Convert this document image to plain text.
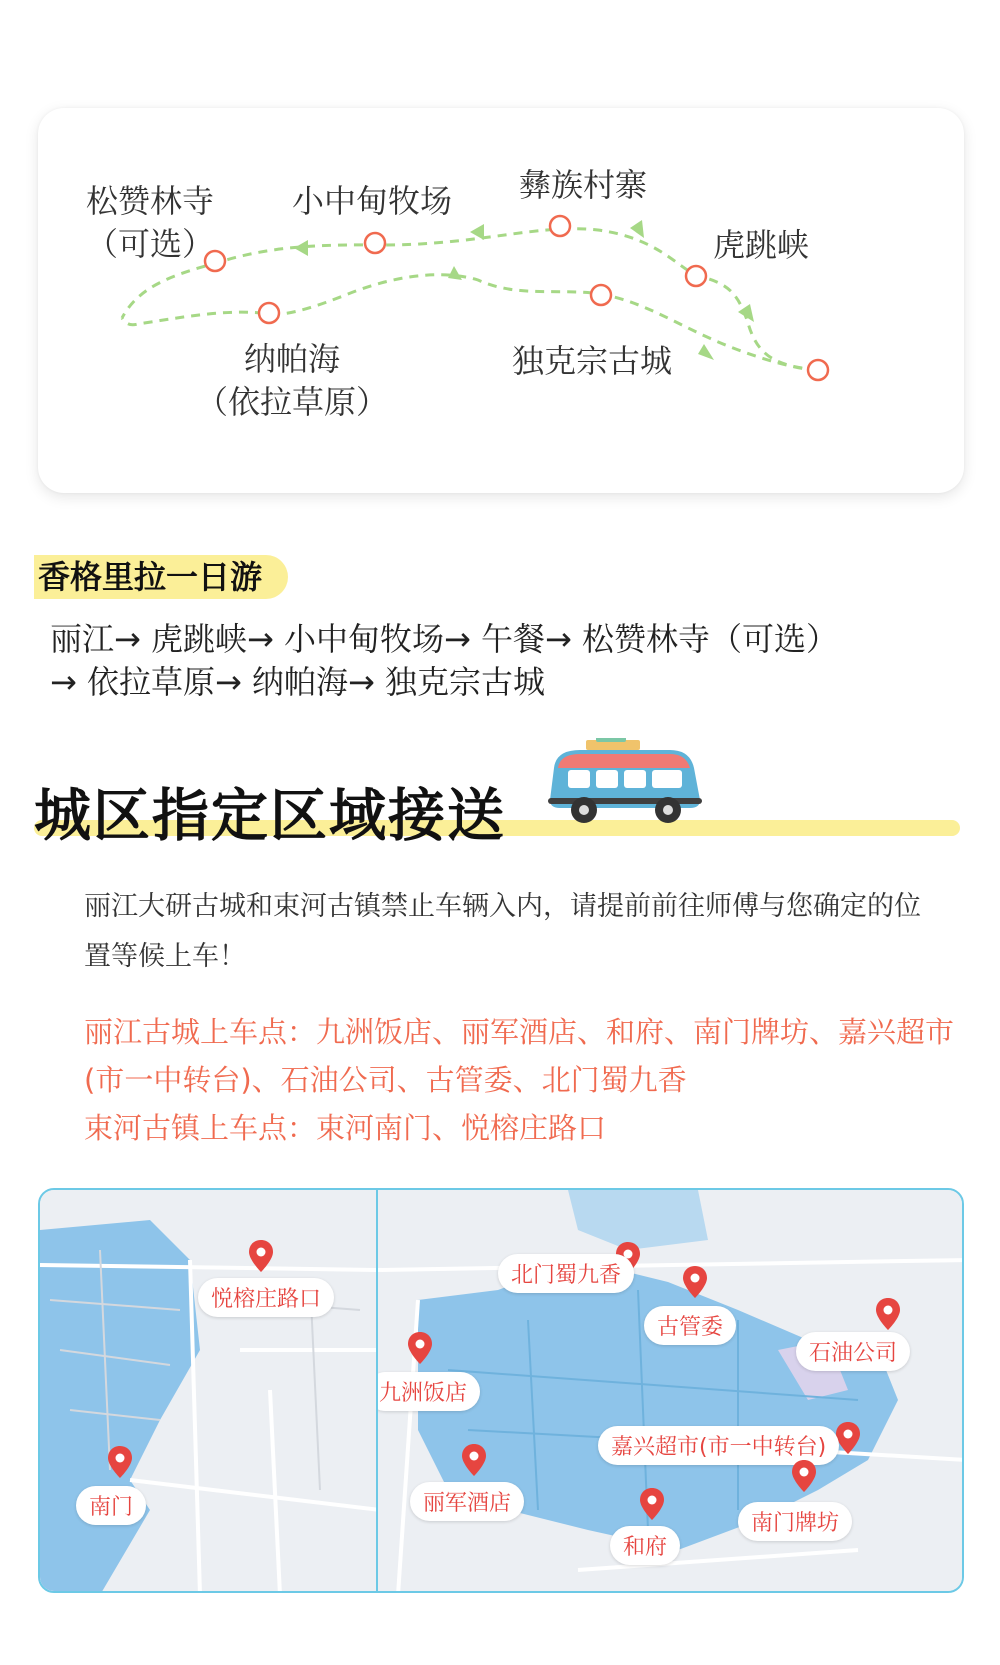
松赞林寺
（可选）
小中甸牧场 彝族村寨
虎跳峡
纳帕海
（依拉草原）
独克宗古城
香格里拉一日游
丽江→ 虎跳峡→ 小中甸牧场→ 午餐→ 松赞林寺（可选）
→ 依拉草原→ 纳帕海→ 独克宗古城
城区指定区域接送
丽江大研古城和束河古镇禁止车辆入内，请提前前往师傅与您确定的位置等候上车！
丽江古城上车点：九洲饭店、丽军酒店、和府、南门牌坊、嘉兴超市(市一中转台)、石油公司、古管委、北门蜀九香
束河古镇上车点：束河南门、悦榕庄路口
悦榕庄路口
南门
北门蜀九香
古管委
石油公司
九洲饭店
嘉兴超市(市一中转台)
丽军酒店
和府
南门牌坊
